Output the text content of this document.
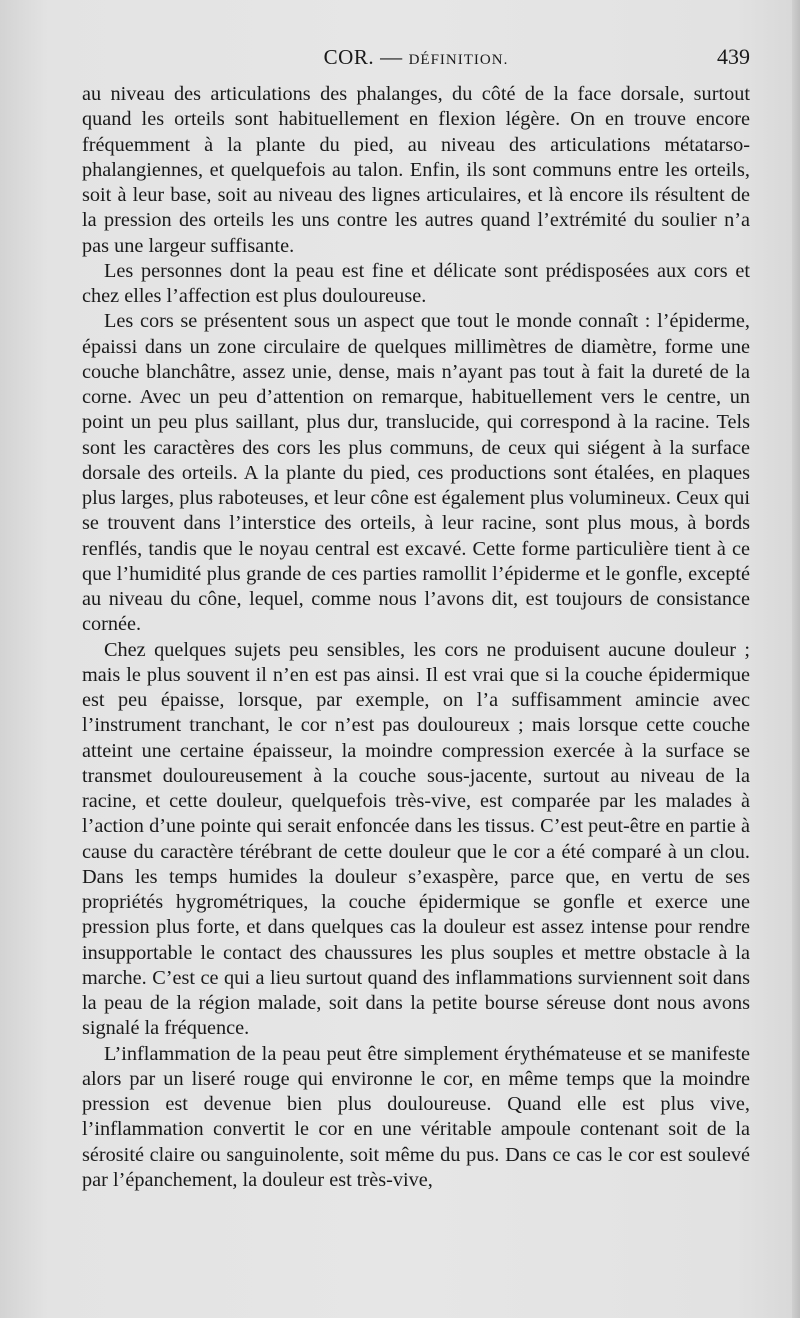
COR. — DÉFINITION.	439

au niveau des articulations des phalanges, du côté de la face dorsale, surtout quand les orteils sont habituellement en flexion légère. On en trouve encore fréquemment à la plante du pied, au niveau des articulations métatarso-phalangiennes, et quelquefois au talon. Enfin, ils sont communs entre les orteils, soit à leur base, soit au niveau des lignes articulaires, et là encore ils résultent de la pression des orteils les uns contre les autres quand l’extrémité du soulier n’a pas une largeur suffisante.

Les personnes dont la peau est fine et délicate sont prédisposées aux cors et chez elles l’affection est plus douloureuse.

Les cors se présentent sous un aspect que tout le monde connaît : l’épiderme, épaissi dans un zone circulaire de quelques millimètres de diamètre, forme une couche blanchâtre, assez unie, dense, mais n’ayant pas tout à fait la dureté de la corne. Avec un peu d’attention on remarque, habituellement vers le centre, un point un peu plus saillant, plus dur, translucide, qui correspond à la racine. Tels sont les caractères des cors les plus communs, de ceux qui siégent à la surface dorsale des orteils. A la plante du pied, ces productions sont étalées, en plaques plus larges, plus raboteuses, et leur cône est également plus volumineux. Ceux qui se trouvent dans l’interstice des orteils, à leur racine, sont plus mous, à bords renflés, tandis que le noyau central est excavé. Cette forme particulière tient à ce que l’humidité plus grande de ces parties ramollit l’épiderme et le gonfle, excepté au niveau du cône, lequel, comme nous l’avons dit, est toujours de consistance cornée.

Chez quelques sujets peu sensibles, les cors ne produisent aucune douleur ; mais le plus souvent il n’en est pas ainsi. Il est vrai que si la couche épidermique est peu épaisse, lorsque, par exemple, on l’a suffisamment amincie avec l’instrument tranchant, le cor n’est pas douloureux ; mais lorsque cette couche atteint une certaine épaisseur, la moindre compression exercée à la surface se transmet douloureusement à la couche sous-jacente, surtout au niveau de la racine, et cette douleur, quelquefois très-vive, est comparée par les malades à l’action d’une pointe qui serait enfoncée dans les tissus. C’est peut-être en partie à cause du caractère térébrant de cette douleur que le cor a été comparé à un clou. Dans les temps humides la douleur s’exaspère, parce que, en vertu de ses propriétés hygrométriques, la couche épidermique se gonfle et exerce une pression plus forte, et dans quelques cas la douleur est assez intense pour rendre insupportable le contact des chaussures les plus souples et mettre obstacle à la marche. C’est ce qui a lieu surtout quand des inflammations surviennent soit dans la peau de la région malade, soit dans la petite bourse séreuse dont nous avons signalé la fréquence.

L’inflammation de la peau peut être simplement érythémateuse et se manifeste alors par un liseré rouge qui environne le cor, en même temps que la moindre pression est devenue bien plus douloureuse. Quand elle est plus vive, l’inflammation convertit le cor en une véritable ampoule contenant soit de la sérosité claire ou sanguinolente, soit même du pus. Dans ce cas le cor est soulevé par l’épanchement, la douleur est très-vive,
